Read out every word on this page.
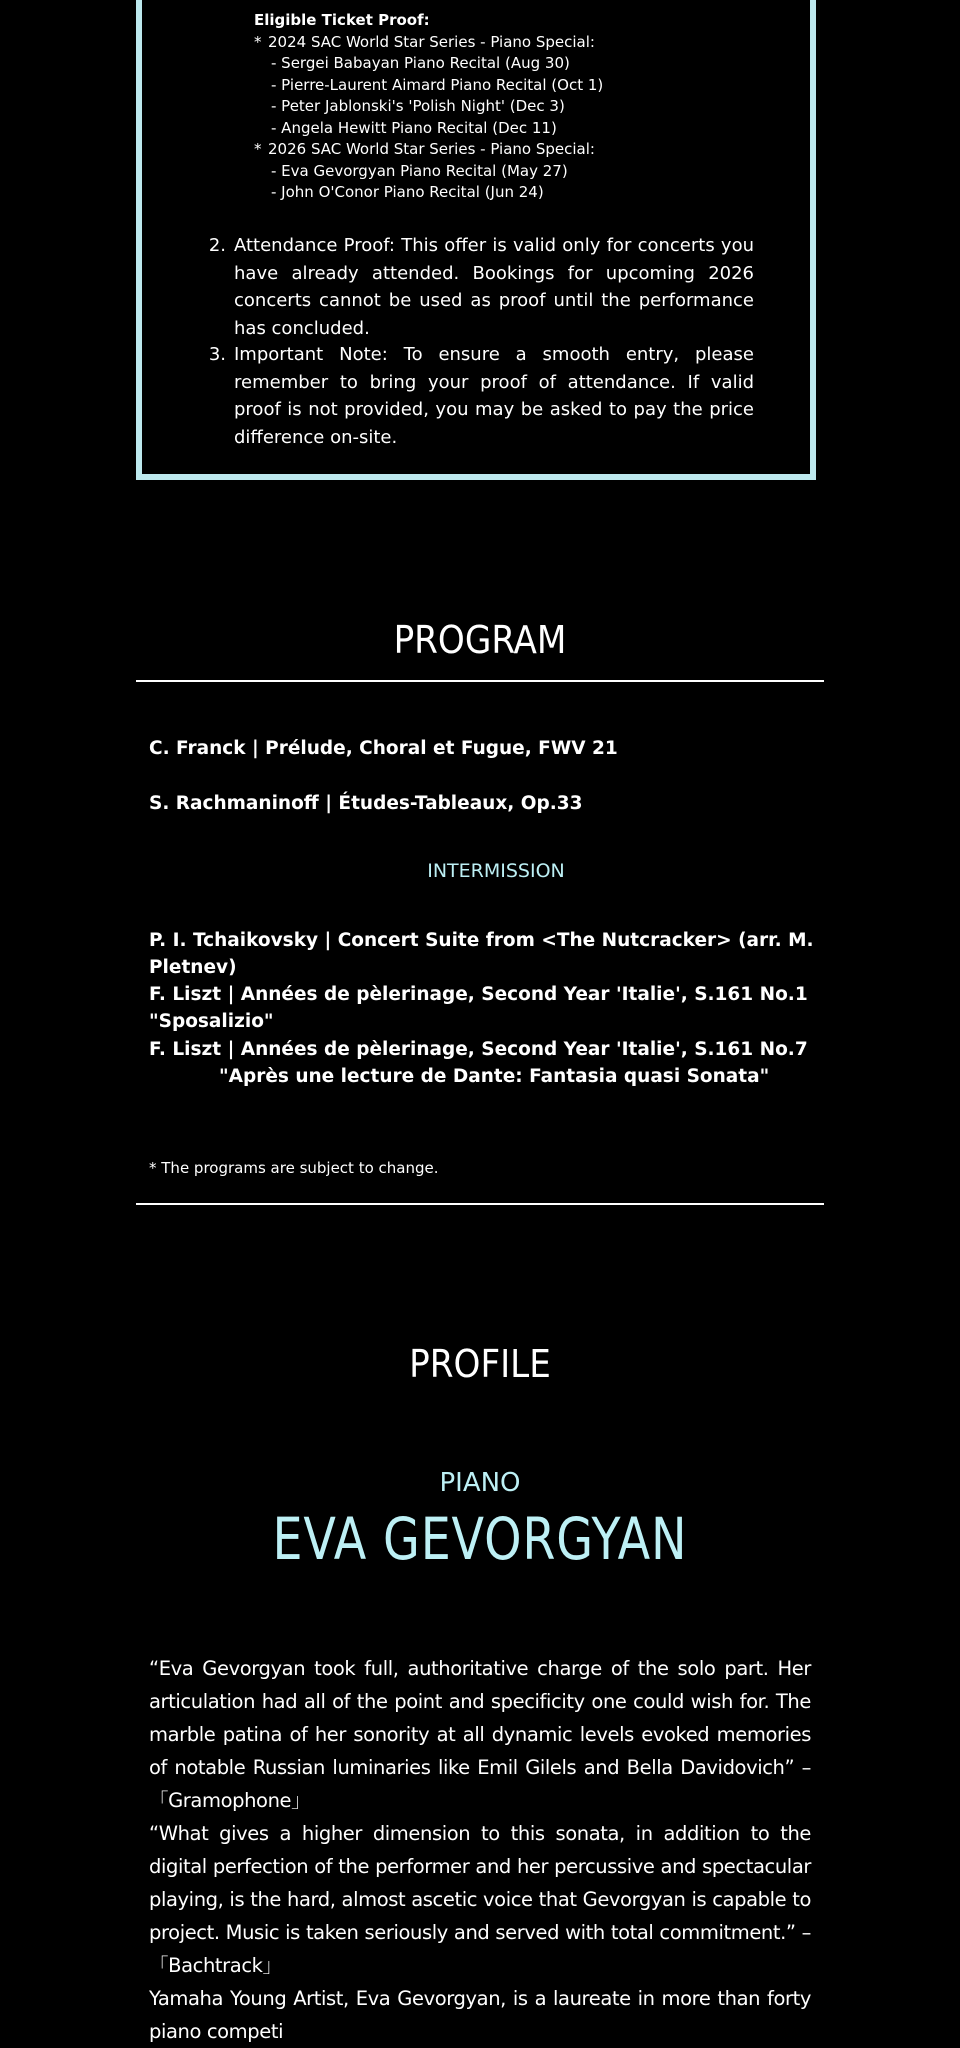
Eligible Ticket Proof:
* 2024 SAC World Star Series - Piano Special:
- Sergei Babayan Piano Recital (Aug 30)
- Pierre-Laurent Aimard Piano Recital (Oct 1)
- Peter Jablonski's 'Polish Night' (Dec 3)
- Angela Hewitt Piano Recital (Dec 11)
* 2026 SAC World Star Series - Piano Special:
- Eva Gevorgyan Piano Recital (May 27)
- John O'Conor Piano Recital (Jun 24)
2. Attendance Proof: This offer is valid only for concerts you have already attended. Bookings for upcoming 2026 concerts cannot be used as proof until the performance has concluded.
3. Important Note: To ensure a smooth entry, please remember to bring your proof of attendance. If valid proof is not provided, you may be asked to pay the price difference on-site.
PROGRAM
C. Franck | Prélude, Choral et Fugue, FWV 21
S. Rachmaninoff | Études-Tableaux, Op.33
INTERMISSION
P. I. Tchaikovsky | Concert Suite from <The Nutcracker> (arr. M. Pletnev)
F. Liszt | Années de pèlerinage, Second Year 'Italie', S.161 No.1 "Sposalizio"
F. Liszt | Années de pèlerinage, Second Year 'Italie', S.161 No.7
"Après une lecture de Dante: Fantasia quasi Sonata"
* The programs are subject to change.
PROFILE
PIANO
EVA GEVORGYAN
“Eva Gevorgyan took full, authoritative charge of the solo part. Her articulation had all of the point and specificity one could wish for. The marble patina of her sonority at all dynamic levels evoked memories of notable Russian luminaries like Emil Gilels and Bella Davidovich” – 「Gramophone」
“What gives a higher dimension to this sonata, in addition to the digital perfection of the performer and her percussive and spectacular playing, is the hard, almost ascetic voice that Gevorgyan is capable to project. Music is taken seriously and served with total commitment.” – 「Bachtrack」
Yamaha Young Artist, Eva Gevorgyan, is a laureate in more than forty piano competi
